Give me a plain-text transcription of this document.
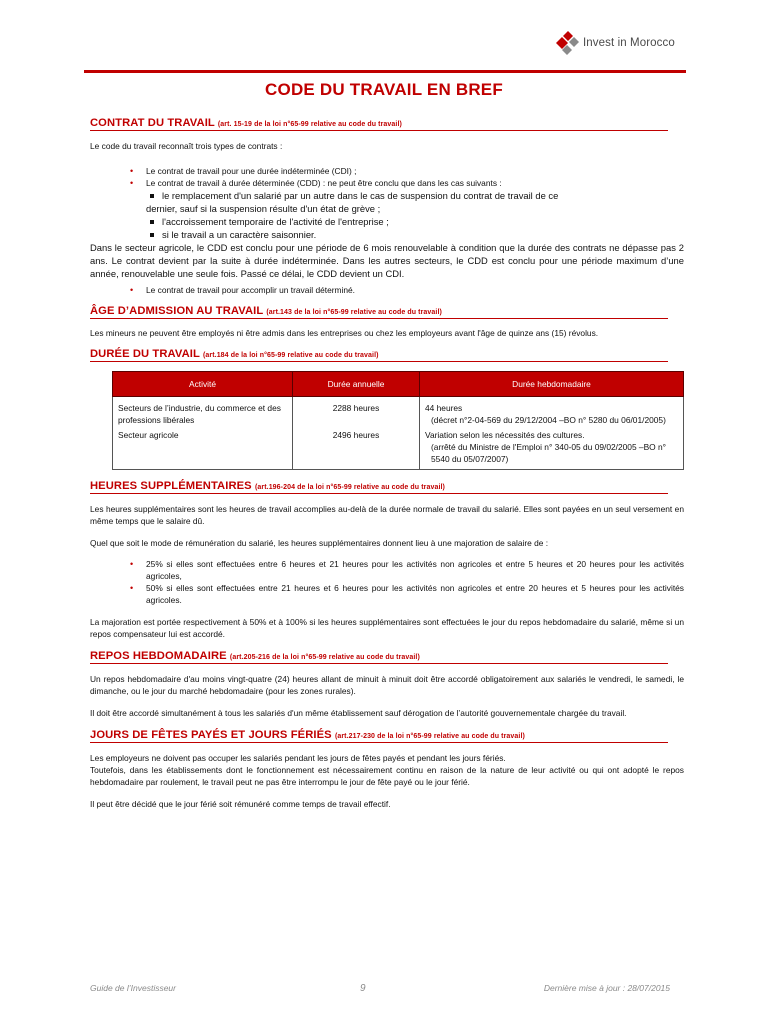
Invest in Morocco
CODE DU TRAVAIL EN BREF
CONTRAT DU TRAVAIL (art. 15-19 de la loi n°65-99 relative au code du travail)

Le code du travail reconnaît trois types de contrats :

• Le contrat de travail pour une durée indéterminée (CDI) ;
• Le contrat de travail à durée déterminée (CDD) : ne peut être conclu que dans les cas suivants :
le remplacement d'un salarié par un autre dans le cas de suspension du contrat de travail de ce
dernier, sauf si la suspension résulte d'un état de grève ;
l'accroissement temporaire de l'activité de l'entreprise ;
si le travail a un caractère saisonnier.

Dans le secteur agricole, le CDD est conclu pour une période de 6 mois renouvelable à condition que la durée des contrats ne dépasse pas 2 ans. Le contrat devient par la suite à durée indéterminée. Dans les autres secteurs, le CDD est conclu pour une période maximum d’une année, renouvelable une seule fois. Passé ce délai, le CDD devient un CDI.

• Le contrat de travail pour accomplir un travail déterminé.
ÂGE D’ADMISSION AU TRAVAIL (art.143 de la loi n°65-99 relative au code du travail)

Les mineurs ne peuvent être employés ni être admis dans les entreprises ou chez les employeurs avant l'âge de quinze ans (15) révolus.

DURÉE DU TRAVAIL (art.184 de la loi n°65-99 relative au code du travail)
Activité	Durée annuelle	Durée hebdomadaire
Secteurs de l’industrie, du commerce et des professions libérales	2288 heures	44 heures
(décret n°2-04-569 du 29/12/2004 –BO n° 5280 du 06/01/2005)

Secteur agricole	2496 heures	Variation selon les nécessités des cultures.
(arrêté du Ministre de l'Emploi n° 340-05 du 09/02/2005 –BO n° 5540 du 05/07/2007)
HEURES SUPPLÉMENTAIRES (art.196-204 de la loi n°65-99 relative au code du travail)

Les heures supplémentaires sont les heures de travail accomplies au-delà de la durée normale de travail du salarié. Elles sont payées en un seul versement en même temps que le salaire dû.

Quel que soit le mode de rémunération du salarié, les heures supplémentaires donnent lieu à une majoration de salaire de :

• 25% si elles sont effectuées entre 6 heures et 21 heures pour les activités non agricoles et entre 5 heures et 20 heures pour les activités agricoles,
• 50% si elles sont effectuées entre 21 heures et 6 heures pour les activités non agricoles et entre 20 heures et 5 heures pour les activités agricoles.

La majoration est portée respectivement à 50% et à 100% si les heures supplémentaires sont effectuées le jour du repos hebdomadaire du salarié, même si un repos compensateur lui est accordé.

REPOS HEBDOMADAIRE (art.205-216 de la loi n°65-99 relative au code du travail)

Un repos hebdomadaire d'au moins vingt-quatre (24) heures allant de minuit à minuit doit être accordé obligatoirement aux salariés le vendredi, le samedi, le dimanche, ou le jour du marché hebdomadaire (pour les zones rurales).

Il doit être accordé simultanément à tous les salariés d'un même établissement sauf dérogation de l’autorité gouvernementale chargée du travail.

JOURS DE FÊTES PAYÉS ET JOURS FÉRIÉS (art.217-230 de la loi n°65-99 relative au code du travail)

Les employeurs ne doivent pas occuper les salariés pendant les jours de fêtes payés et pendant les jours fériés.

Toutefois, dans les établissements dont le fonctionnement est nécessairement continu en raison de la nature de leur activité ou qui ont adopté le repos hebdomadaire par roulement, le travail peut ne pas être interrompu le jour de fête payé ou le jour férié.

Il peut être décidé que le jour férié soit rémunéré comme temps de travail effectif.

Guide de l’Investisseur	9	Dernière mise à jour : 28/07/2015
